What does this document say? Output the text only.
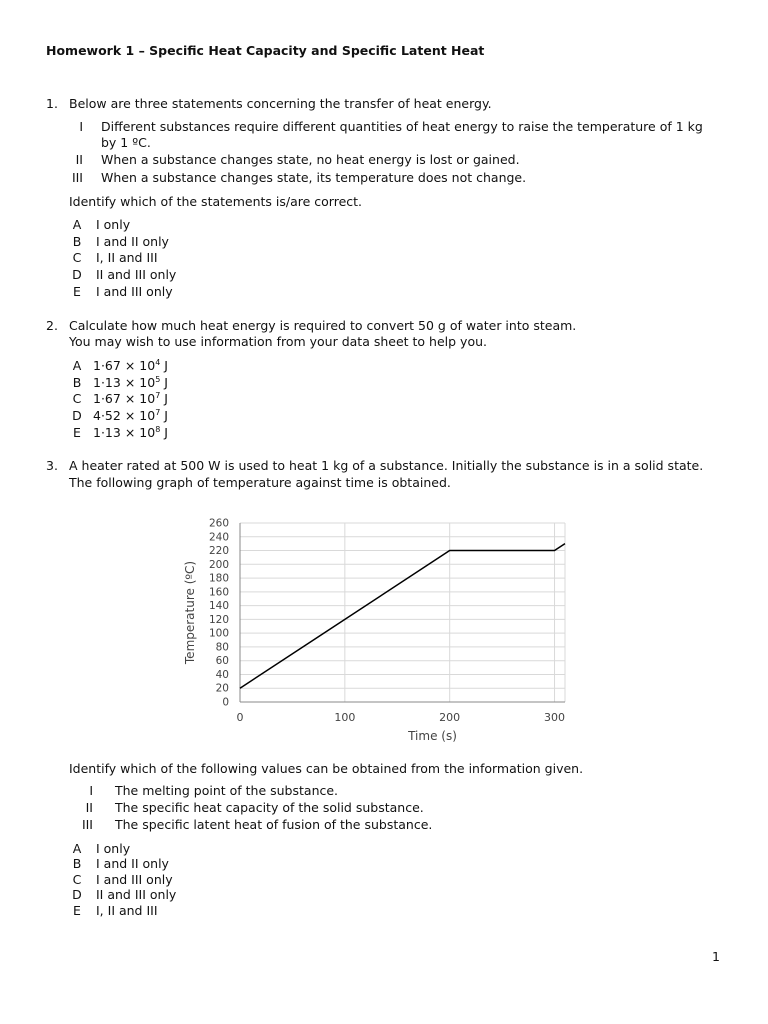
Homework 1 – Specific Heat Capacity and Specific Latent Heat
1. Below are three statements concerning the transfer of heat energy.
I Different substances require different quantities of heat energy to raise the temperature of 1 kg
by 1 ºC.
II When a substance changes state, no heat energy is lost or gained.
III When a substance changes state, its temperature does not change.
Identify which of the statements is/are correct.
A I only
B I and II only
C I, II and III
D II and III only
E I and III only
2. Calculate how much heat energy is required to convert 50 g of water into steam.
You may wish to use information from your data sheet to help you.
A $1\cdot 67 \times 10^4$ J
B $1\cdot 13 \times 10^5$ J
C $1\cdot 67 \times 10^7$ J
D $4\cdot 52 \times 10^7$ J
E $1\cdot 13 \times 10^8$ J
3. A heater rated at 500 W is used to heat 1 kg of a substance. Initially the substance is in a solid state.
The following graph of temperature against time is obtained.
0
20
40
60
80
100
120
140
160
180
200
220
240
260
0	100	200	300
Time (s)
Temperature (ºC)
Identify which of the following values can be obtained from the information given.
I The melting point of the substance.
II The specific heat capacity of the solid substance.
III The specific latent heat of fusion of the substance.
A I only
B I and II only
C I and III only
D II and III only
E I, II and III
1
